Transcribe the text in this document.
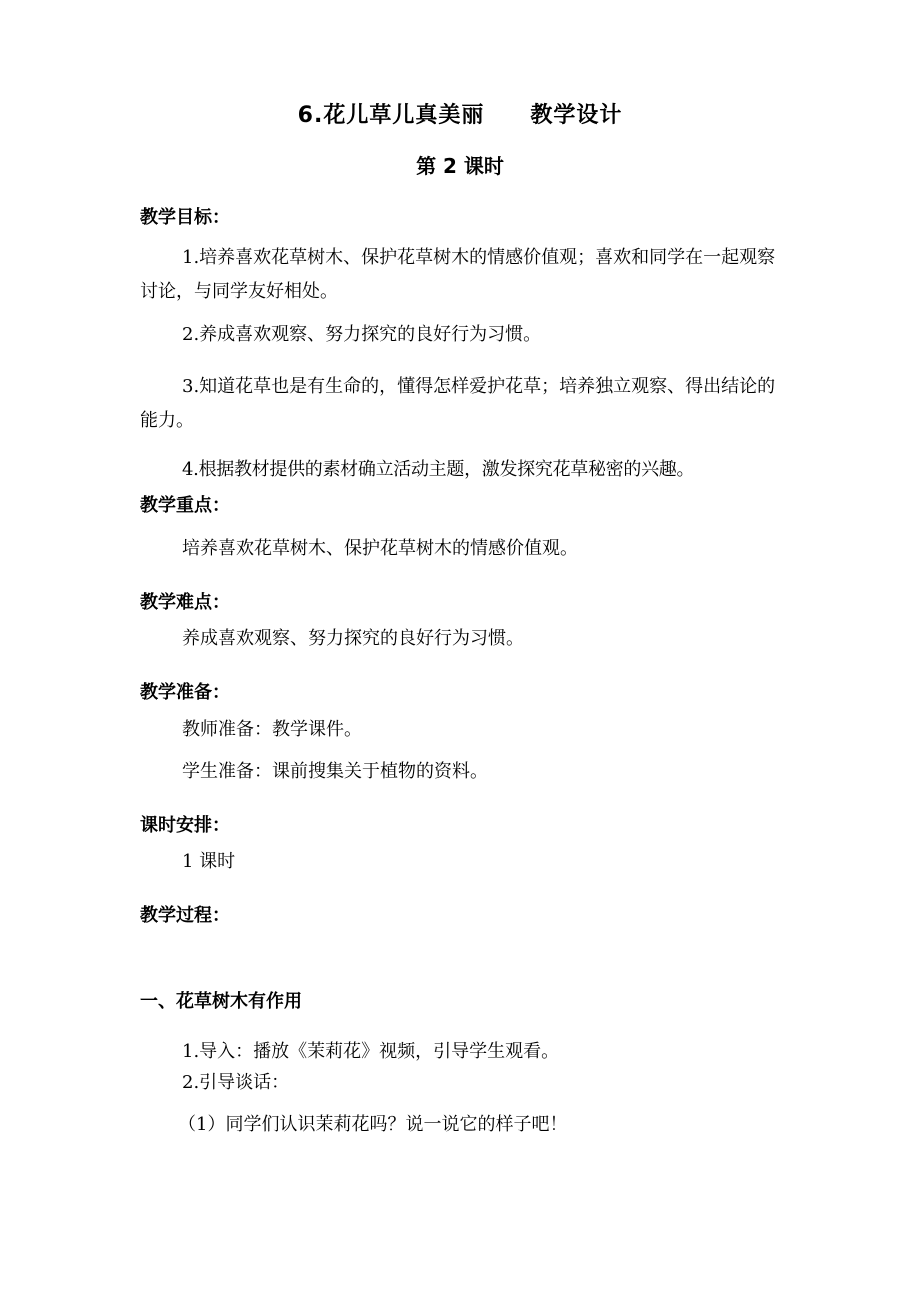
6.花儿草儿真美丽　　教学设计
第 2 课时
教学目标：
1.培养喜欢花草树木、保护花草树木的情感价值观；喜欢和同学在一起观察讨论，与同学友好相处。
2.养成喜欢观察、努力探究的良好行为习惯。
3.知道花草也是有生命的，懂得怎样爱护花草；培养独立观察、得出结论的能力。
4.根据教材提供的素材确立活动主题，激发探究花草秘密的兴趣。
教学重点：
培养喜欢花草树木、保护花草树木的情感价值观。
教学难点：
养成喜欢观察、努力探究的良好行为习惯。
教学准备：
教师准备：教学课件。
学生准备：课前搜集关于植物的资料。
课时安排：
1 课时
教学过程：
一、花草树木有作用
1.导入：播放《茉莉花》视频，引导学生观看。
2.引导谈话：
（1）同学们认识茉莉花吗？说一说它的样子吧！
